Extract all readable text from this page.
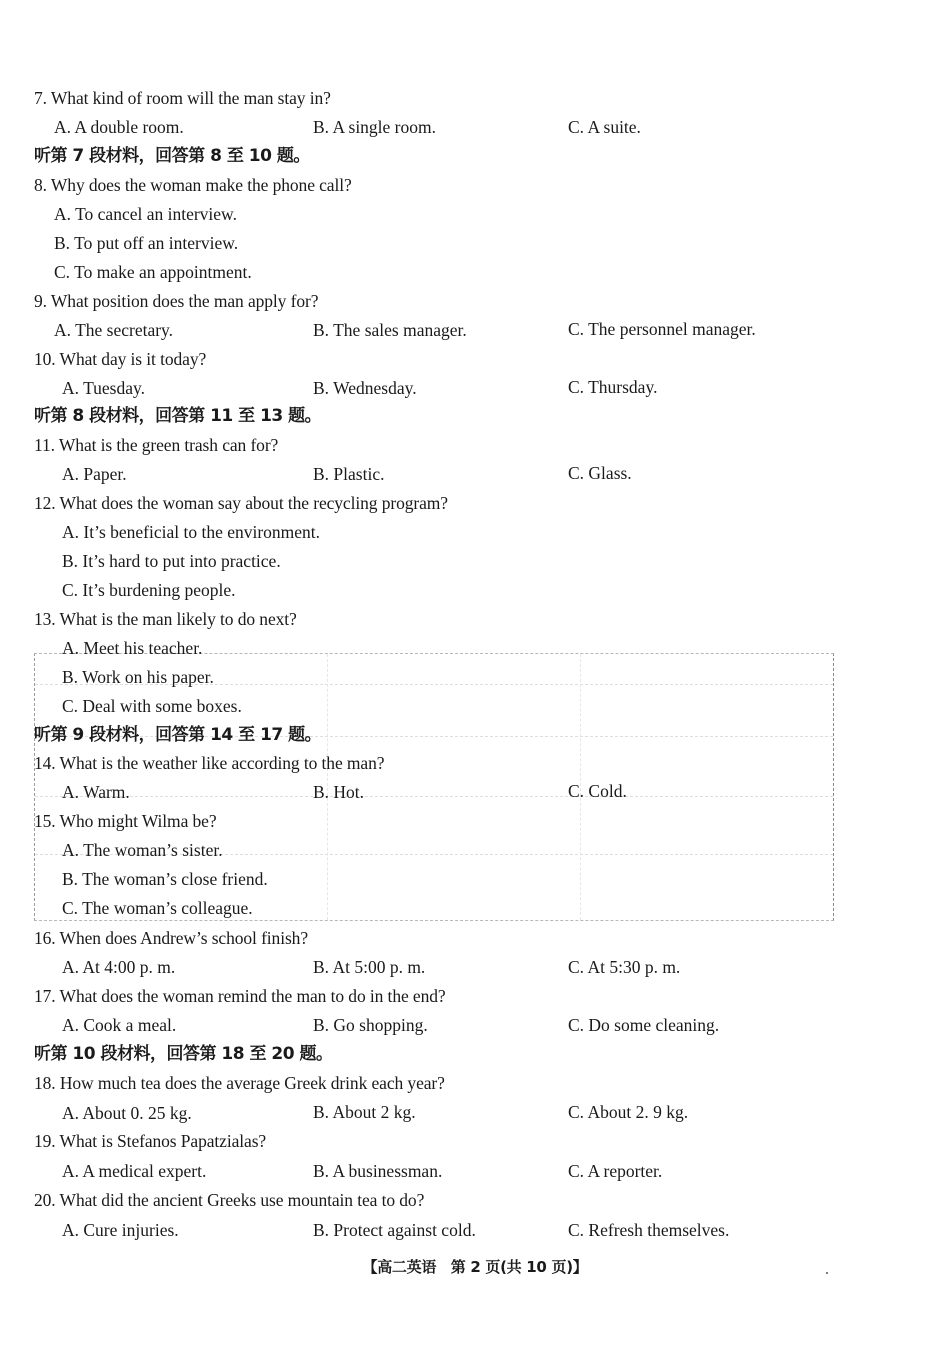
7. What kind of room will the man stay in?
A. A double room.	B. A single room.	C. A suite.
听第 7 段材料，回答第 8 至 10 题。
8. Why does the woman make the phone call?
A. To cancel an interview.
B. To put off an interview.
C. To make an appointment.
9. What position does the man apply for?
A. The secretary.	B. The sales manager.	C. The personnel manager.
10. What day is it today?
A. Tuesday.	B. Wednesday.	C. Thursday.
听第 8 段材料，回答第 11 至 13 题。
11. What is the green trash can for?
A. Paper.	B. Plastic.	C. Glass.
12. What does the woman say about the recycling program?
A. It’s beneficial to the environment.
B. It’s hard to put into practice.
C. It’s burdening people.
13. What is the man likely to do next?
A. Meet his teacher.
B. Work on his paper.
C. Deal with some boxes.
听第 9 段材料，回答第 14 至 17 题。
14. What is the weather like according to the man?
A. Warm.	B. Hot.	C. Cold.
15. Who might Wilma be?
A. The woman’s sister.
B. The woman’s close friend.
C. The woman’s colleague.
16. When does Andrew’s school finish?
A. At 4:00 p. m.	B. At 5:00 p. m.	C. At 5:30 p. m.
17. What does the woman remind the man to do in the end?
A. Cook a meal.	B. Go shopping.	C. Do some cleaning.
听第 10 段材料，回答第 18 至 20 题。
18. How much tea does the average Greek drink each year?
A. About 0. 25 kg.	B. About 2 kg.	C. About 2. 9 kg.
19. What is Stefanos Papatzialas?
A. A medical expert.	B. A businessman.	C. A reporter.
20. What did the ancient Greeks use mountain tea to do?
A. Cure injuries.	B. Protect against cold.	C. Refresh themselves.
【高二英语　第 2 页(共 10 页)】
